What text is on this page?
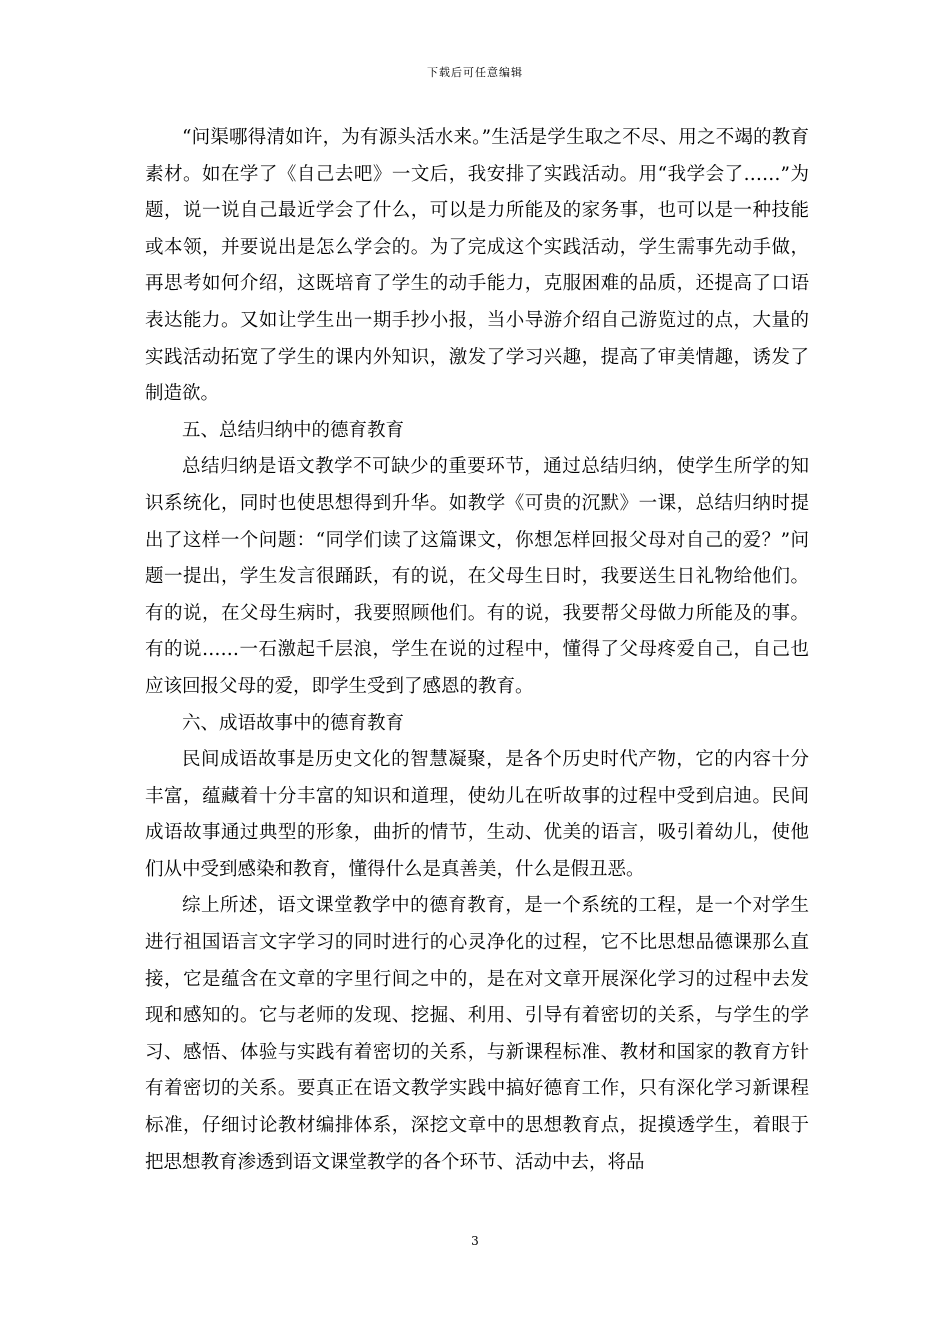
下载后可任意编辑

“问渠哪得清如许，为有源头活水来。”生活是学生取之不尽、用之不竭的教育素材。如在学了《自己去吧》一文后，我安排了实践活动。用“我学会了……”为题，说一说自己最近学会了什么，可以是力所能及的家务事，也可以是一种技能或本领，并要说出是怎么学会的。为了完成这个实践活动，学生需事先动手做，再思考如何介绍，这既培育了学生的动手能力，克服困难的品质，还提高了口语表达能力。又如让学生出一期手抄小报，当小导游介绍自己游览过的点，大量的实践活动拓宽了学生的课内外知识，激发了学习兴趣，提高了审美情趣，诱发了制造欲。

五、总结归纳中的德育教育

总结归纳是语文教学不可缺少的重要环节，通过总结归纳，使学生所学的知识系统化，同时也使思想得到升华。如教学《可贵的沉默》一课，总结归纳时提出了这样一个问题：“同学们读了这篇课文，你想怎样回报父母对自己的爱？”问题一提出，学生发言很踊跃，有的说，在父母生日时，我要送生日礼物给他们。有的说，在父母生病时，我要照顾他们。有的说，我要帮父母做力所能及的事。有的说……一石激起千层浪，学生在说的过程中，懂得了父母疼爱自己，自己也应该回报父母的爱，即学生受到了感恩的教育。

六、成语故事中的德育教育

民间成语故事是历史文化的智慧凝聚，是各个历史时代产物，它的内容十分丰富，蕴藏着十分丰富的知识和道理，使幼儿在听故事的过程中受到启迪。民间成语故事通过典型的形象，曲折的情节，生动、优美的语言，吸引着幼儿，使他们从中受到感染和教育，懂得什么是真善美，什么是假丑恶。

综上所述，语文课堂教学中的德育教育，是一个系统的工程，是一个对学生进行祖国语言文字学习的同时进行的心灵净化的过程，它不比思想品德课那么直接，它是蕴含在文章的字里行间之中的，是在对文章开展深化学习的过程中去发现和感知的。它与老师的发现、挖掘、利用、引导有着密切的关系，与学生的学习、感悟、体验与实践有着密切的关系，与新课程标准、教材和国家的教育方针有着密切的关系。要真正在语文教学实践中搞好德育工作，只有深化学习新课程标准，仔细讨论教材编排体系，深挖文章中的思想教育点，捉摸透学生，着眼于把思想教育渗透到语文课堂教学的各个环节、活动中去，将品

3
